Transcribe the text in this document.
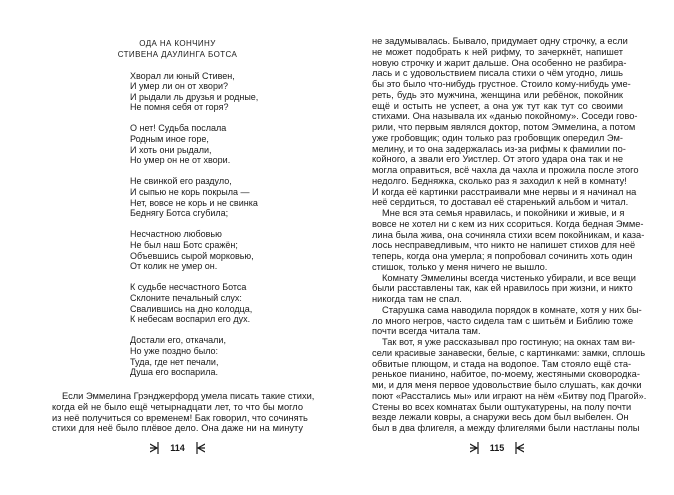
ОДА НА КОНЧИНУ
СТИВЕНА ДАУЛИНГА БОТСА
Хворал ли юный Стивен,
И умер ли он от хвори?
И рыдали ль друзья и родные,
Не помня себя от горя?
О нет! Судьба послала
Родным иное горе,
И хоть они рыдали,
Но умер он не от хвори.
Не свинкой его раздуло,
И сыпью не корь покрыла —
Нет, вовсе не корь и не свинка
Беднягу Ботса сгубила;
Несчастною любовью
Не был наш Ботс сражён;
Объевшись сырой морковью,
От колик не умер он.
К судьбе несчастного Ботса
Склоните печальный слух:
Свалившись на дно колодца,
К небесам воспарил его дух.
Достали его, откачали,
Но уже поздно было:
Туда, где нет печали,
Душа его воспарила.
Если Эммелина Грэнджерфорд умела писать такие стихи,
когда ей не было ещё четырнадцати лет, то что бы могло
из неё получиться со временем! Бак говорил, что сочинять
стихи для неё было плёвое дело. Она даже ни на минуту
114
не задумывалась. Бывало, придумает одну строчку, а если
не может подобрать к ней рифму, то зачеркнёт, напишет
новую строчку и жарит дальше. Она особенно не разбира-
лась и с удовольствием писала стихи о чём угодно, лишь
бы это было что-нибудь грустное. Стоило кому-нибудь уме-
реть, будь это мужчина, женщина или ребёнок, покойник
ещё и остыть не успеет, а она уж тут как тут со своими
стихами. Она называла их «данью покойному». Соседи гово-
рили, что первым являлся доктор, потом Эммелина, а потом
уже гробовщик; один только раз гробовщик опередил Эм-
мелину, и то она задержалась из-за рифмы к фамилии по-
койного, а звали его Уистлер. От этого удара она так и не
могла оправиться, всё чахла да чахла и прожила после этого
недолго. Бедняжка, сколько раз я заходил к ней в комнату!
И когда её картинки расстраивали мне нервы и я начинал на
неё сердиться, то доставал её старенький альбом и читал.
Мне вся эта семья нравилась, и покойники и живые, и я
вовсе не хотел ни с кем из них ссориться. Когда бедная Эмме-
лина была жива, она сочиняла стихи всем покойникам, и каза-
лось несправедливым, что никто не напишет стихов для неё
теперь, когда она умерла; я попробовал сочинить хоть один
стишок, только у меня ничего не вышло.
Комнату Эммелины всегда чистенько убирали, и все вещи
были расставлены так, как ей нравилось при жизни, и никто
никогда там не спал.
Старушка сама наводила порядок в комнате, хотя у них бы-
ло много негров, часто сидела там с шитьём и Библию тоже
почти всегда читала там.
Так вот, я уже рассказывал про гостиную; на окнах там ви-
сели красивые занавески, белые, с картинками: замки, сплошь
обвитые плющом, и стада на водопое. Там стояло ещё ста-
ренькое пианино, набитое, по-моему, жестяными сковородка-
ми, и для меня первое удовольствие было слушать, как дочки
поют «Расстались мы» или играют на нём «Битву под Прагой».
Стены во всех комнатах были оштукатурены, на полу почти
везде лежали ковры, а снаружи весь дом был выбелен. Он
был в два флигеля, а между флигелями были настланы полы
115
